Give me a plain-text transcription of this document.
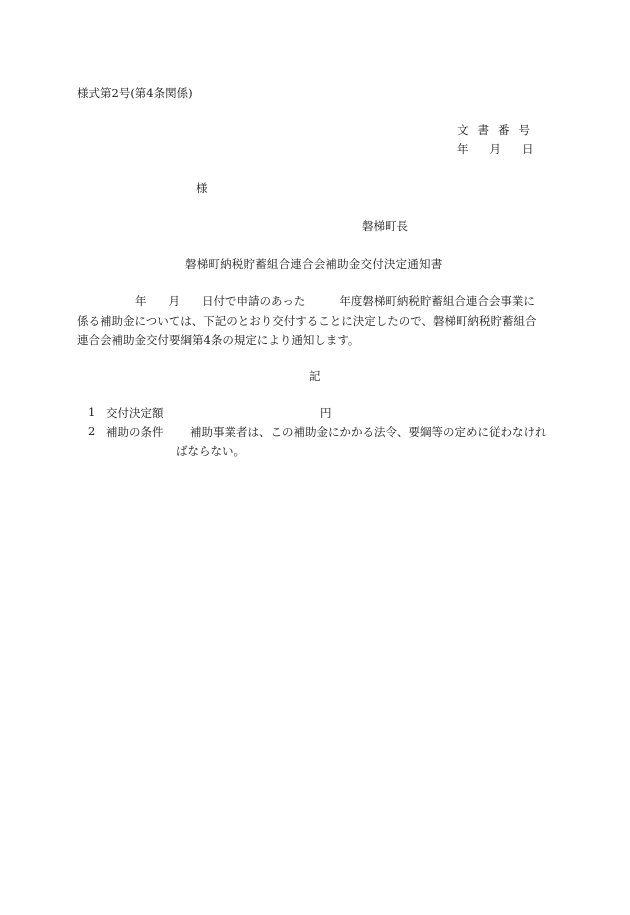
様式第2号(第4条関係)
文書番号
年 月 日
様
磐梯町長
磐梯町納税貯蓄組合連合会補助金交付決定通知書
年 月 日付で申請のあった	年度磐梯町納税貯蓄組合連合会事業に
係る補助金については、下記のとおり交付することに決定したので、磐梯町納税貯蓄組合
連合会補助金交付要綱第4条の規定により通知します。
記
1 交付決定額	円
2 補助の条件 補助事業者は、この補助金にかかる法令、要綱等の定めに従わなけれ
ばならない。
